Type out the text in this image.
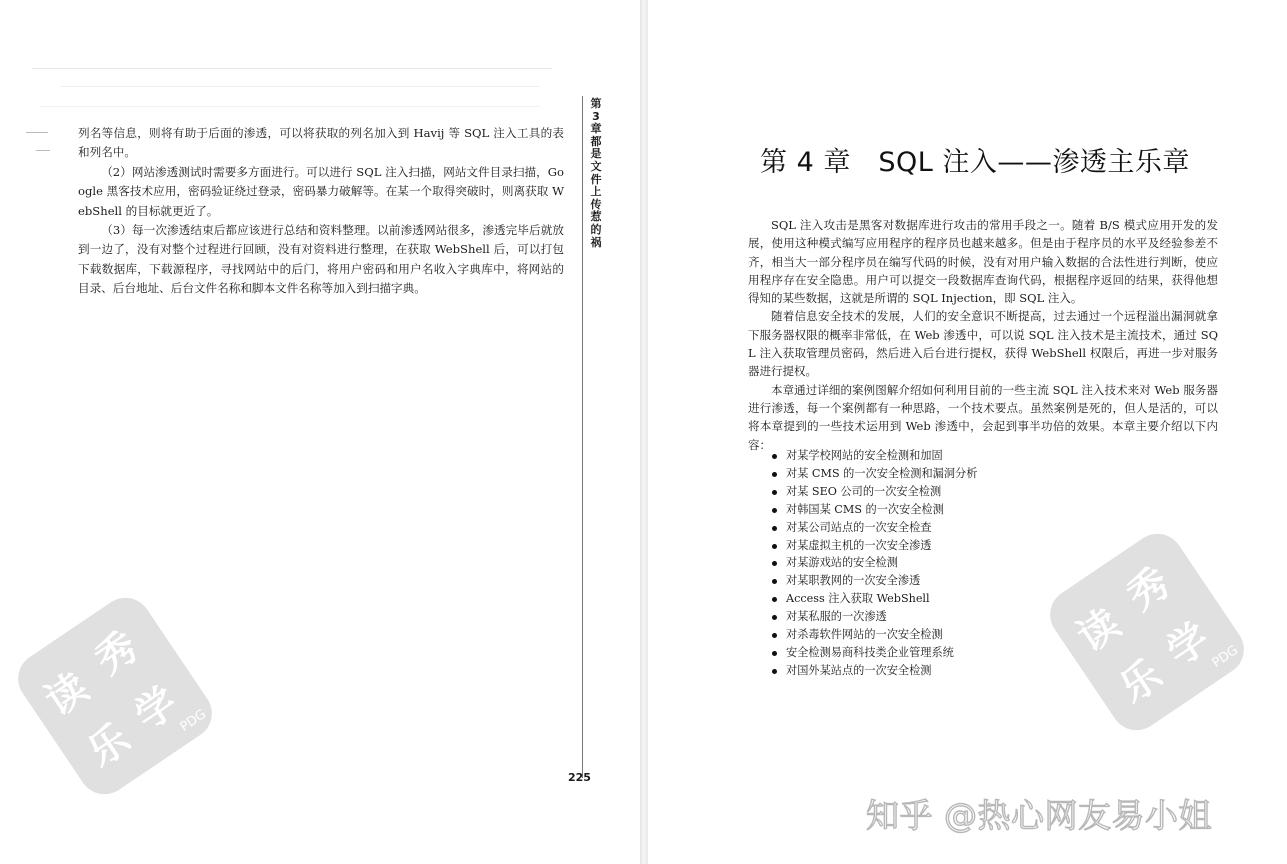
列名等信息，则将有助于后面的渗透，可以将获取的列名加入到 Havij 等 SQL 注入工具的表和列名中。

（2）网站渗透测试时需要多方面进行。可以进行 SQL 注入扫描，网站文件目录扫描，Google 黑客技术应用，密码验证绕过登录，密码暴力破解等。在某一个取得突破时，则离获取 WebShell 的目标就更近了。

（3）每一次渗透结束后都应该进行总结和资料整理。以前渗透网站很多，渗透完毕后就放到一边了，没有对整个过程进行回顾，没有对资料进行整理，在获取 WebShell 后，可以打包下载数据库，下载源程序，寻找网站中的后门，将用户密码和用户名收入字典库中，将网站的目录、后台地址、后台文件名称和脚本文件名称等加入到扫描字典。

读
秀
乐
学
PDG
第3章 都是文件上传惹的祸
225
第 4 章　SQL 注入——渗透主乐章

SQL 注入攻击是黑客对数据库进行攻击的常用手段之一。随着 B/S 模式应用开发的发展，使用这种模式编写应用程序的程序员也越来越多。但是由于程序员的水平及经验参差不齐，相当大一部分程序员在编写代码的时候，没有对用户输入数据的合法性进行判断，使应用程序存在安全隐患。用户可以提交一段数据库查询代码，根据程序返回的结果，获得他想得知的某些数据，这就是所谓的 SQL Injection，即 SQL 注入。

随着信息安全技术的发展，人们的安全意识不断提高，过去通过一个远程溢出漏洞就拿下服务器权限的概率非常低，在 Web 渗透中，可以说 SQL 注入技术是主流技术，通过 SQL 注入获取管理员密码，然后进入后台进行提权，获得 WebShell 权限后，再进一步对服务器进行提权。

本章通过详细的案例图解介绍如何利用目前的一些主流 SQL 注入技术来对 Web 服务器进行渗透，每一个案例都有一种思路，一个技术要点。虽然案例是死的，但人是活的，可以将本章提到的一些技术运用到 Web 渗透中，会起到事半功倍的效果。本章主要介绍以下内容：

对某学校网站的安全检测和加固
对某 CMS 的一次安全检测和漏洞分析
对某 SEO 公司的一次安全检测
对韩国某 CMS 的一次安全检测
对某公司站点的一次安全检查
对某虚拟主机的一次安全渗透
对某游戏站的安全检测
对某职教网的一次安全渗透
Access 注入获取 WebShell
对某私服的一次渗透
对杀毒软件网站的一次安全检测
安全检测易商科技类企业管理系统
对国外某站点的一次安全检测
读
秀
乐
学
PDG
知乎 @热心网友易小姐
